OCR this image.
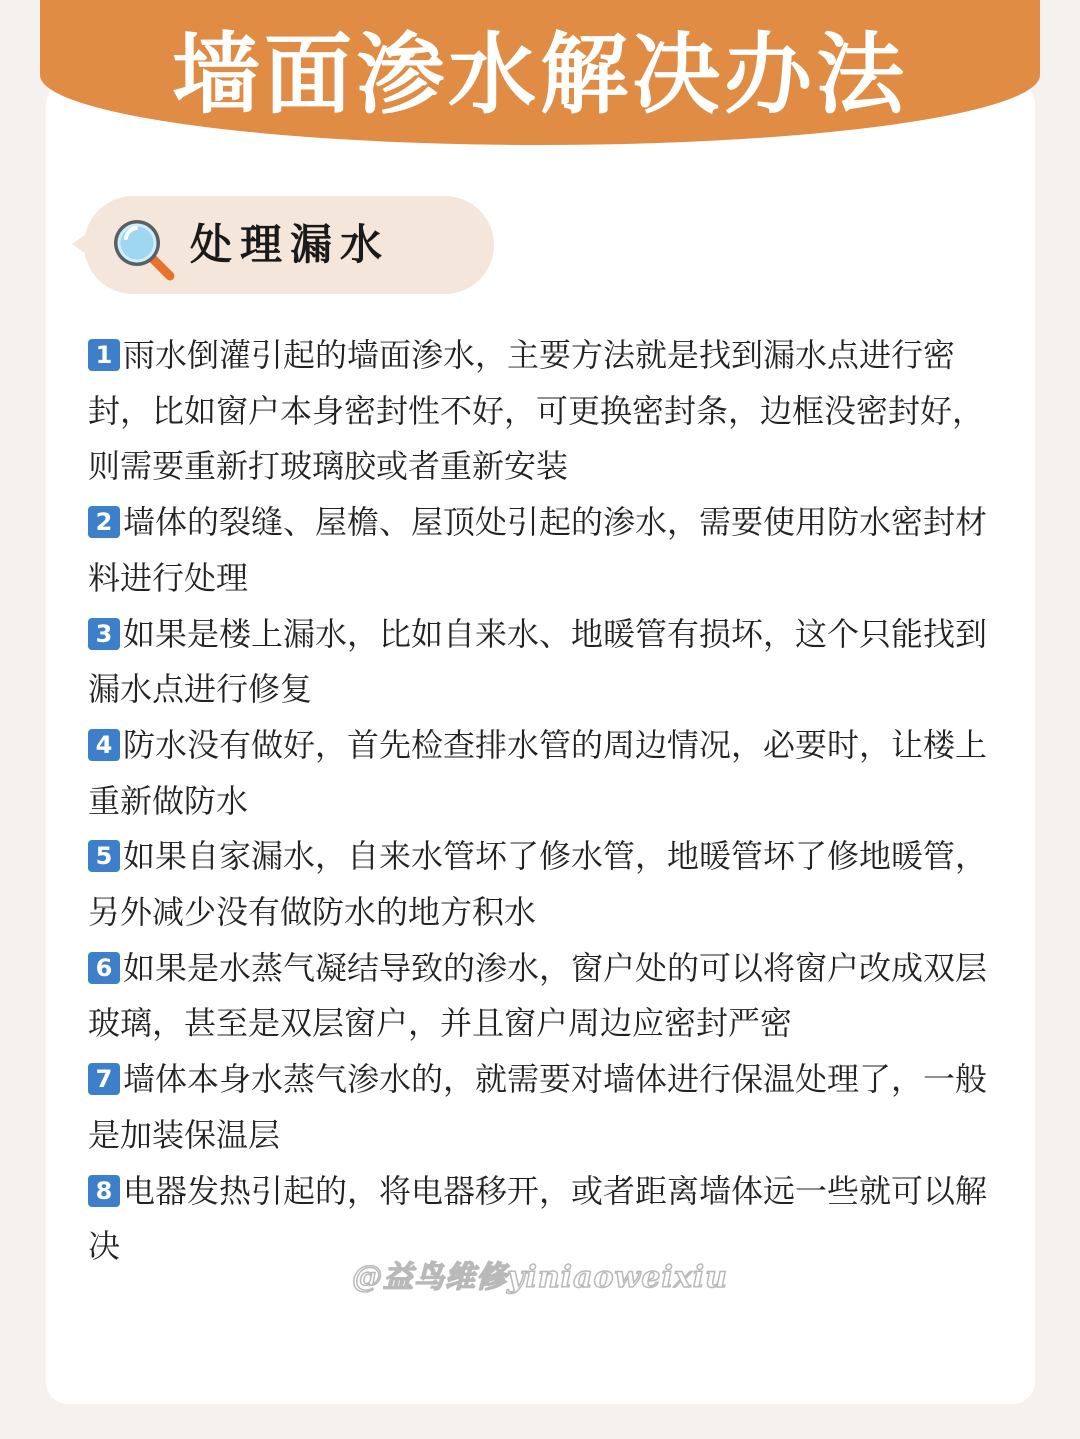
墙面渗水解决办法
处理漏水

1 雨水倒灌引起的墙面渗水，主要方法就是找到漏水点进行密封，比如窗户本身密封性不好，可更换密封条，边框没密封好，则需要重新打玻璃胶或者重新安装

2 墙体的裂缝、屋檐、屋顶处引起的渗水，需要使用防水密封材料进行处理

3 如果是楼上漏水，比如自来水、地暖管有损坏，这个只能找到漏水点进行修复

4 防水没有做好，首先检查排水管的周边情况，必要时，让楼上重新做防水

5 如果自家漏水，自来水管坏了修水管，地暖管坏了修地暖管，另外减少没有做防水的地方积水

6 如果是水蒸气凝结导致的渗水，窗户处的可以将窗户改成双层玻璃，甚至是双层窗户，并且窗户周边应密封严密

7 墙体本身水蒸气渗水的，就需要对墙体进行保温处理了，一般是加装保温层

8 电器发热引起的，将电器移开，或者距离墙体远一些就可以解决

@益鸟维修yiniaoweixiu
